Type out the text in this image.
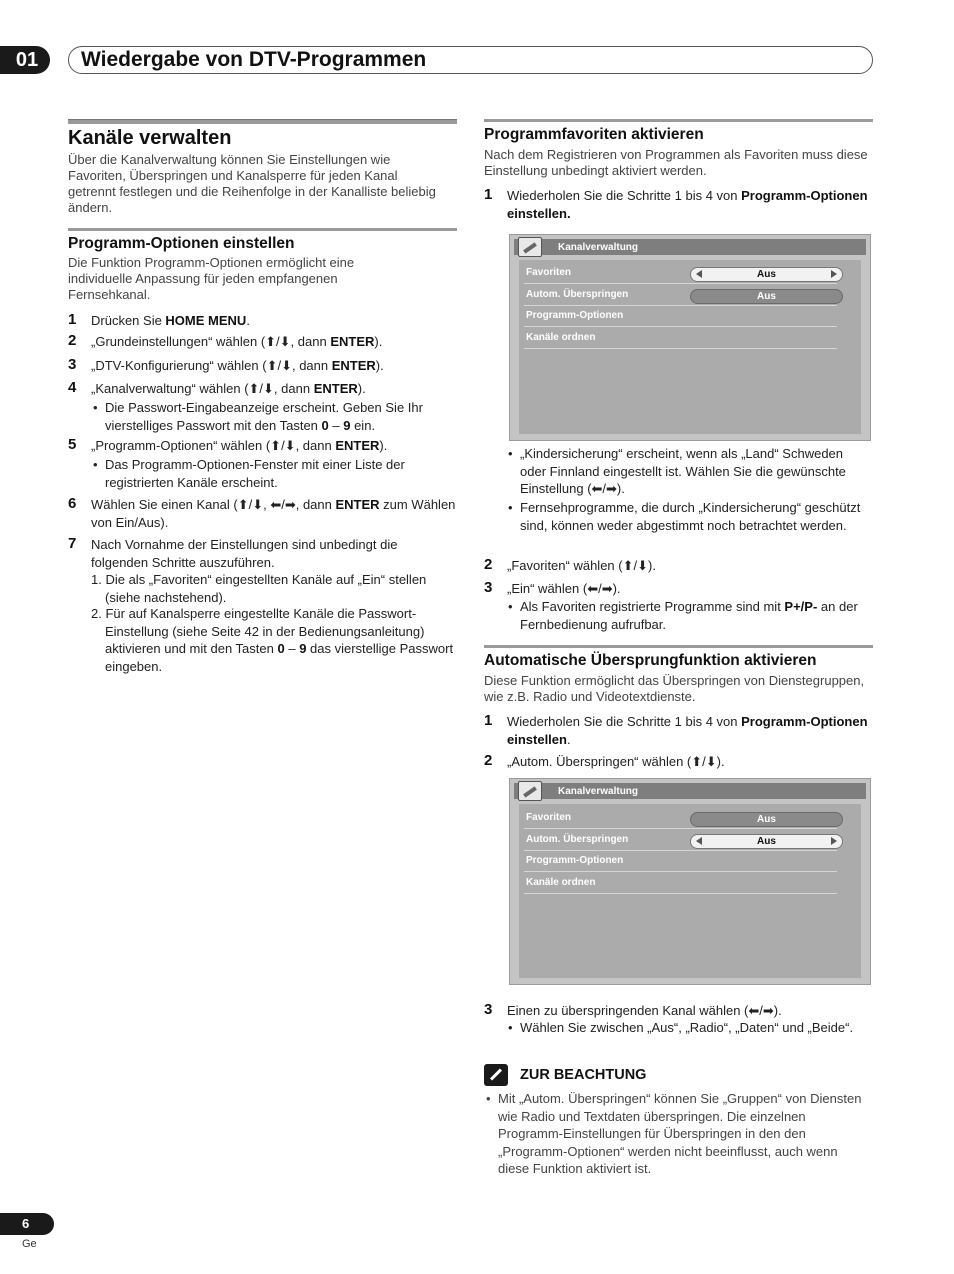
01	Wiedergabe von DTV-Programmen
Kanäle verwalten
Über die Kanalverwaltung können Sie Einstellungen wie Favoriten, Überspringen und Kanalsperre für jeden Kanal getrennt festlegen und die Reihenfolge in der Kanalliste beliebig ändern.
Programm-Optionen einstellen
Die Funktion Programm-Optionen ermöglicht eine individuelle Anpassung für jeden empfangenen Fernsehkanal.
1	Drücken Sie HOME MENU.
2	„Grundeinstellungen“ wählen (⬆/⬇, dann ENTER).
3	„DTV-Konfigurierung“ wählen (⬆/⬇, dann ENTER).
4	„Kanalverwaltung“ wählen (⬆/⬇, dann ENTER).
• Die Passwort-Eingabeanzeige erscheint. Geben Sie Ihr vierstelliges Passwort mit den Tasten 0 – 9 ein.
5	„Programm-Optionen“ wählen (⬆/⬇, dann ENTER).
• Das Programm-Optionen-Fenster mit einer Liste der registrierten Kanäle erscheint.
6	Wählen Sie einen Kanal (⬆/⬇, ⬅/➡, dann ENTER zum Wählen von Ein/Aus).
7	Nach Vornahme der Einstellungen sind unbedingt die folgenden Schritte auszuführen.
1. Die als „Favoriten“ eingestellten Kanäle auf „Ein“ stellen (siehe nachstehend).
2. Für auf Kanalsperre eingestellte Kanäle die Passwort-Einstellung (siehe Seite 42 in der Bedienungsanleitung) aktivieren und mit den Tasten 0 – 9 das vierstellige Passwort eingeben.
Programmfavoriten aktivieren
Nach dem Registrieren von Programmen als Favoriten muss diese Einstellung unbedingt aktiviert werden.
1	Wiederholen Sie die Schritte 1 bis 4 von Programm-Optionen einstellen.
Kanalverwaltung
Favoriten	Aus
Autom. Überspringen	Aus
Programm-Optionen
Kanäle ordnen
• „Kindersicherung“ erscheint, wenn als „Land“ Schweden oder Finnland eingestellt ist. Wählen Sie die gewünschte Einstellung (⬅/➡).
• Fernsehprogramme, die durch „Kindersicherung“ geschützt sind, können weder abgestimmt noch betrachtet werden.
2	„Favoriten“ wählen (⬆/⬇).
3	„Ein“ wählen (⬅/➡).
• Als Favoriten registrierte Programme sind mit P+/P- an der Fernbedienung aufrufbar.
Automatische Übersprungfunktion aktivieren
Diese Funktion ermöglicht das Überspringen von Dienstegruppen, wie z.B. Radio und Videotextdienste.
1	Wiederholen Sie die Schritte 1 bis 4 von Programm-Optionen einstellen.
2	„Autom. Überspringen“ wählen (⬆/⬇).
Kanalverwaltung
Favoriten	Aus
Autom. Überspringen	Aus
Programm-Optionen
Kanäle ordnen
3	Einen zu überspringenden Kanal wählen (⬅/➡).
• Wählen Sie zwischen „Aus“, „Radio“, „Daten“ und „Beide“.
ZUR BEACHTUNG
• Mit „Autom. Überspringen“ können Sie „Gruppen“ von Diensten wie Radio und Textdaten überspringen. Die einzelnen Programm-Einstellungen für Überspringen in den den „Programm-Optionen“ werden nicht beeinflusst, auch wenn diese Funktion aktiviert ist.
6
Ge
